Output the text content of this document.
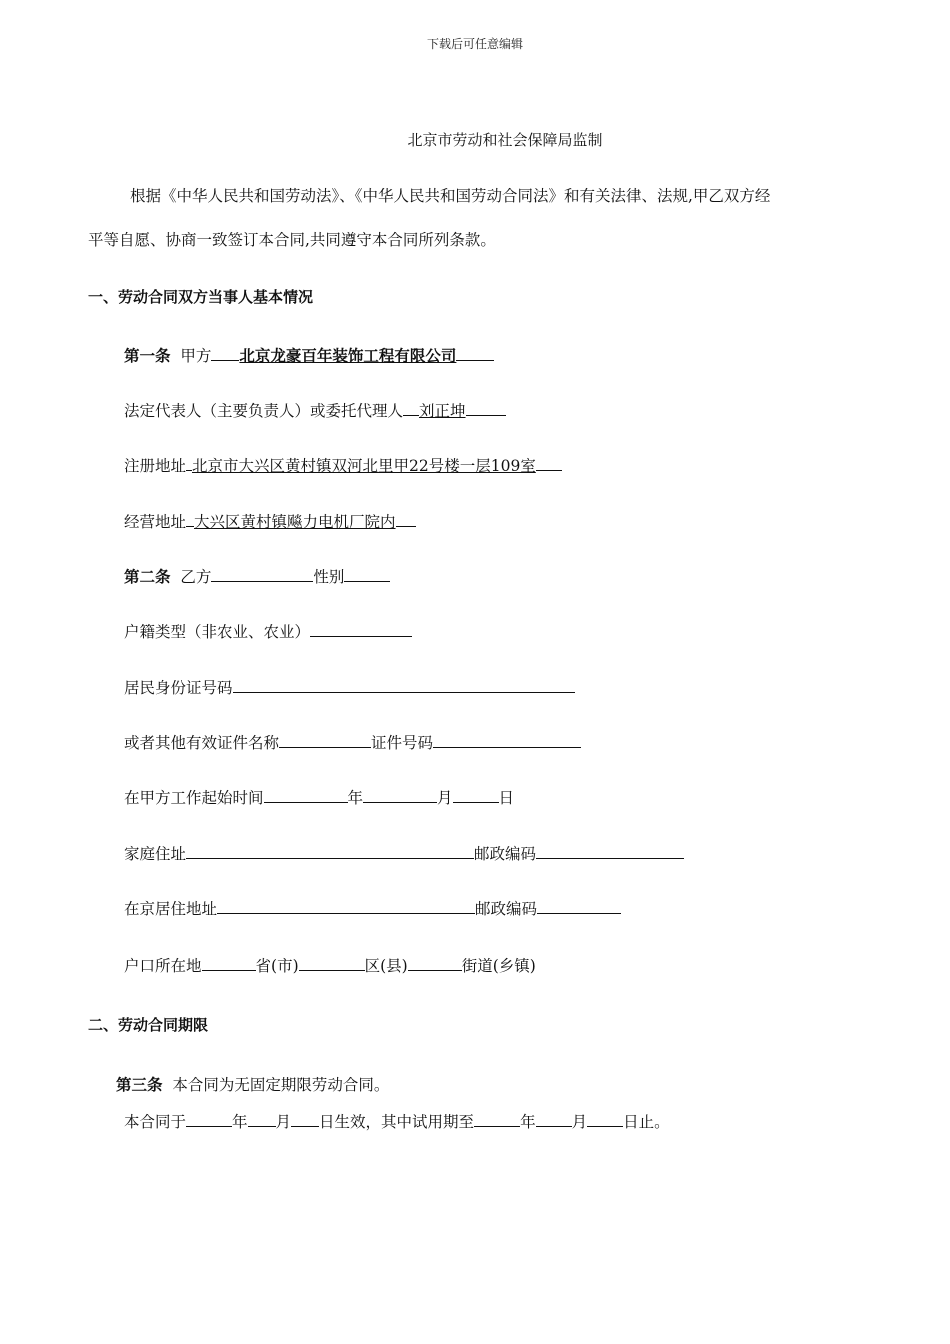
下载后可任意编辑
北京市劳动和社会保障局监制
根据《中华人民共和国劳动法》、《中华人民共和国劳动合同法》和有关法律、法规,甲乙双方经
平等自愿、协商一致签订本合同,共同遵守本合同所列条款。
一、劳动合同双方当事人基本情况
第一条 甲方 北京龙豪百年装饰工程有限公司
法定代表人（主要负责人）或委托代理人 刘正坤
注册地址 北京市大兴区黄村镇双河北里甲22号楼一层109室
经营地址 大兴区黄村镇飚力电机厂院内
第二条 乙方	性别
户籍类型（非农业、农业）
居民身份证号码
或者其他有效证件名称	证件号码
在甲方工作起始时间	年	月	日
家庭住址	邮政编码
在京居住地址	邮政编码
户口所在地	省(市)	区(县)	街道(乡镇)
二、劳动合同期限
第三条 本合同为无固定期限劳动合同。
本合同于	年 月 日生效，其中试用期至	年 月 日止。
